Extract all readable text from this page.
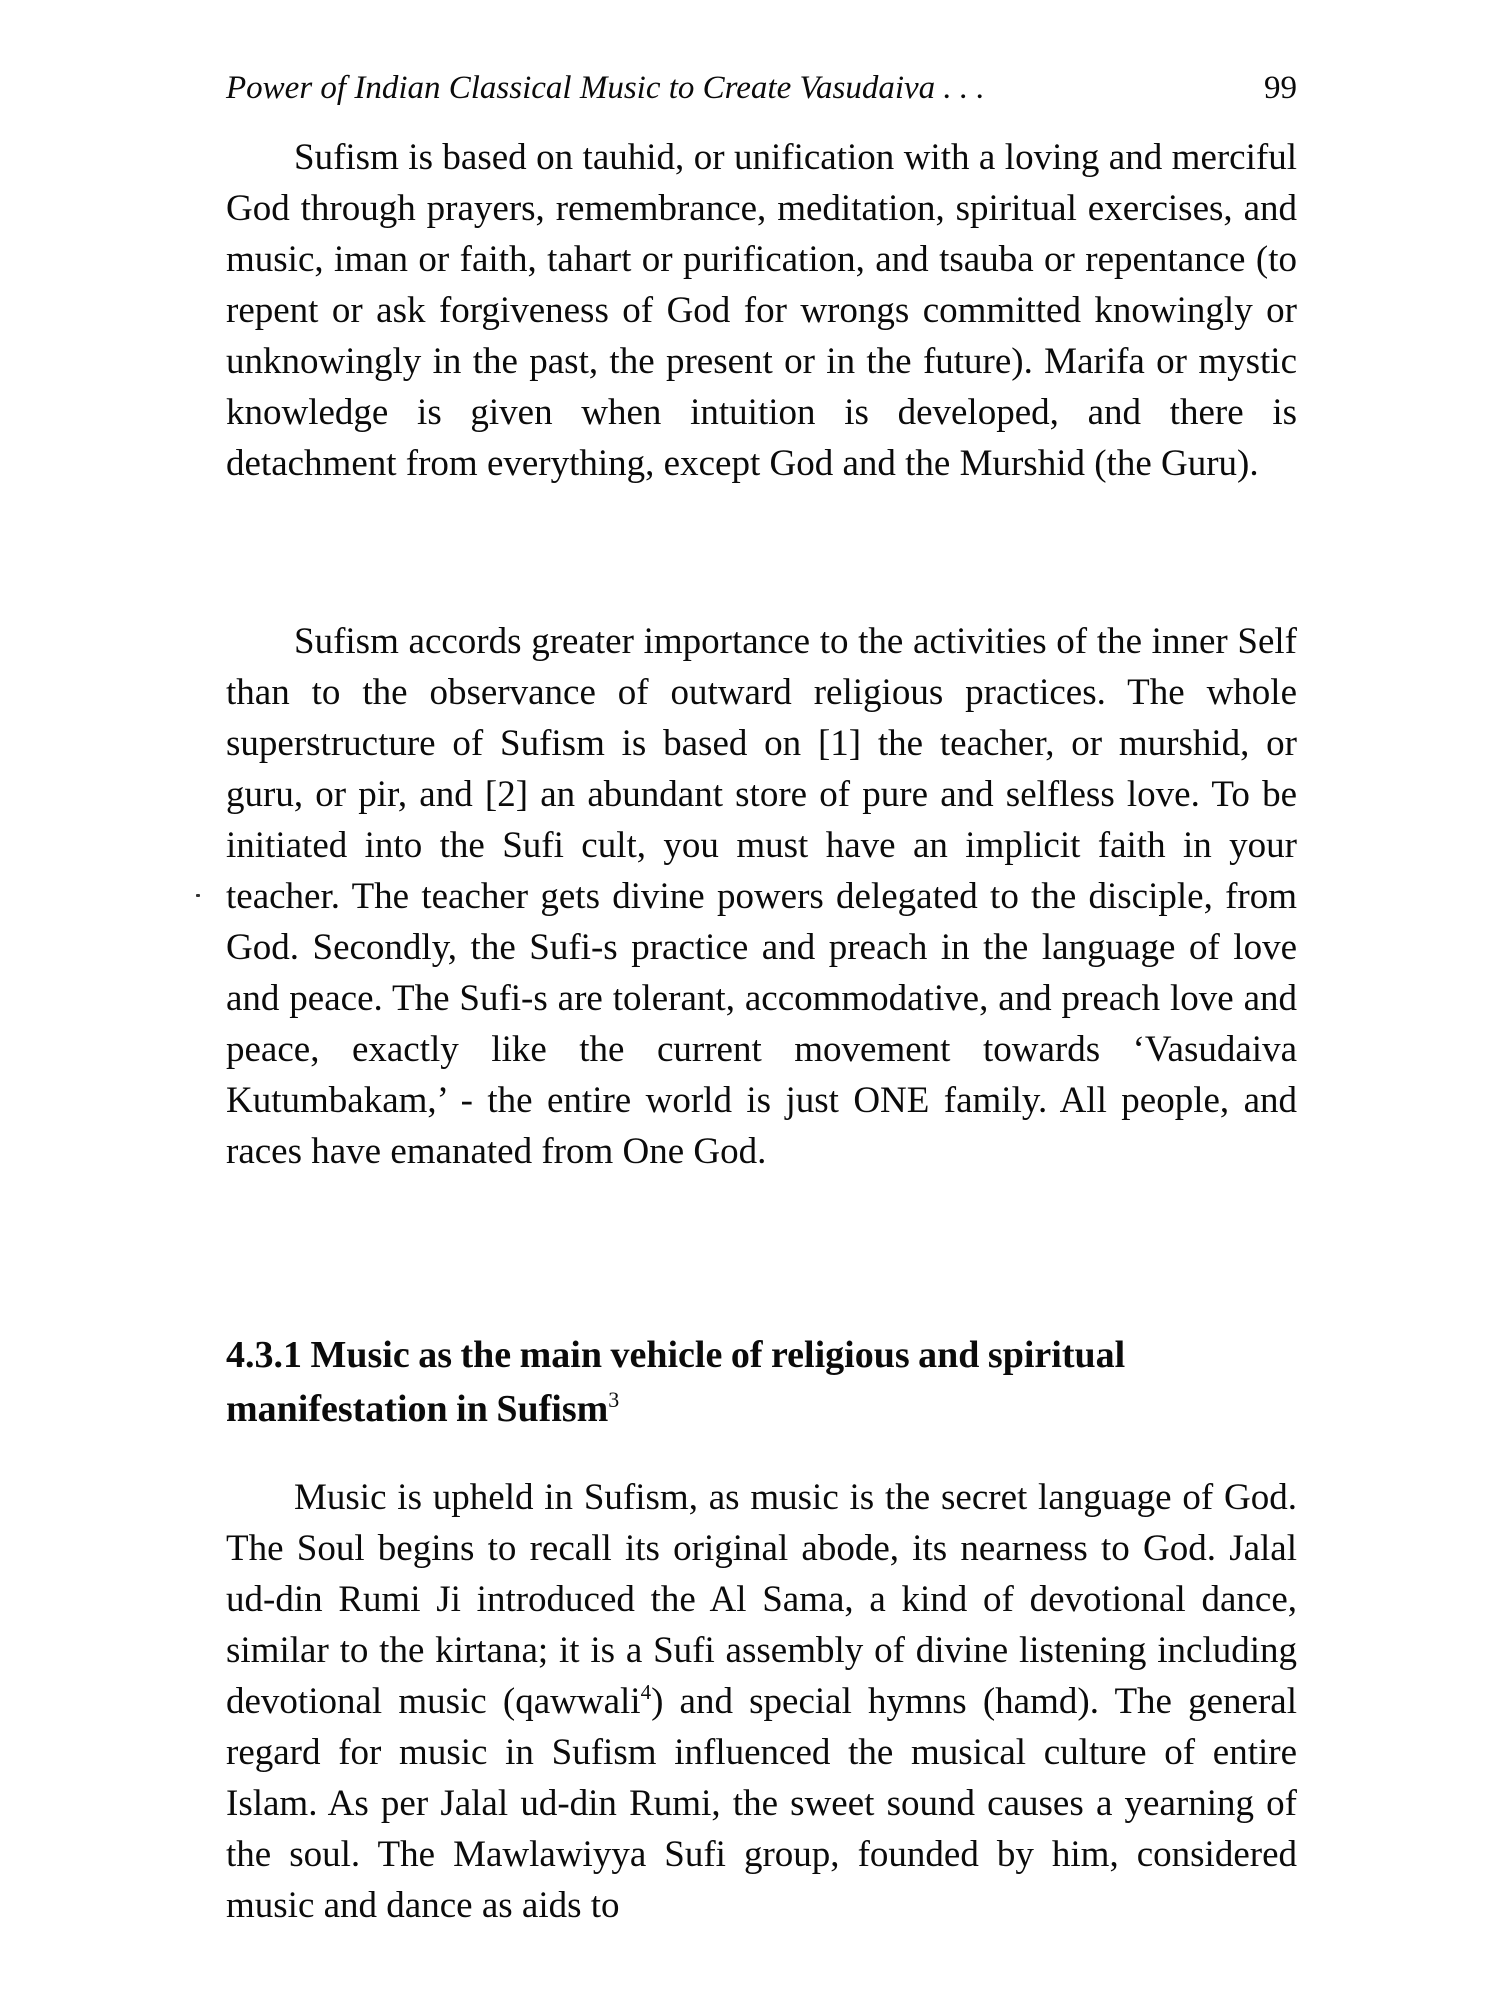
Power of Indian Classical Music to Create Vasudaiva . . .	99

Sufism is based on tauhid, or unification with a loving and merciful God through prayers, remembrance, meditation, spiritual exercises, and music, iman or faith, tahart or purification, and tsauba or repentance (to repent or ask forgiveness of God for wrongs committed knowingly or unknowingly in the past, the present or in the future). Marifa or mystic knowledge is given when intuition is developed, and there is detachment from everything, except God and the Murshid (the Guru).

Sufism accords greater importance to the activities of the inner Self than to the observance of outward religious practices. The whole superstructure of Sufism is based on [1] the teacher, or murshid, or guru, or pir, and [2] an abundant store of pure and selfless love. To be initiated into the Sufi cult, you must have an implicit faith in your teacher. The teacher gets divine powers delegated to the disciple, from God. Secondly, the Sufi-s practice and preach in the language of love and peace. The Sufi-s are tolerant, accommodative, and preach love and peace, exactly like the current movement towards ‘Vasudaiva Kutumbakam,’ - the entire world is just ONE family. All people, and races have emanated from One God.

4.3.1 Music as the main vehicle of religious and spiritual manifestation in Sufism$^3$

Music is upheld in Sufism, as music is the secret language of God. The Soul begins to recall its original abode, its nearness to God. Jalal ud-din Rumi Ji introduced the Al Sama, a kind of devotional dance, similar to the kirtana; it is a Sufi assembly of divine listening including devotional music (qawwali$^4$) and special hymns (hamd). The general regard for music in Sufism influenced the musical culture of entire Islam. As per Jalal ud-din Rumi, the sweet sound causes a yearning of the soul. The Mawlawiyya Sufi group, founded by him, considered music and dance as aids to
